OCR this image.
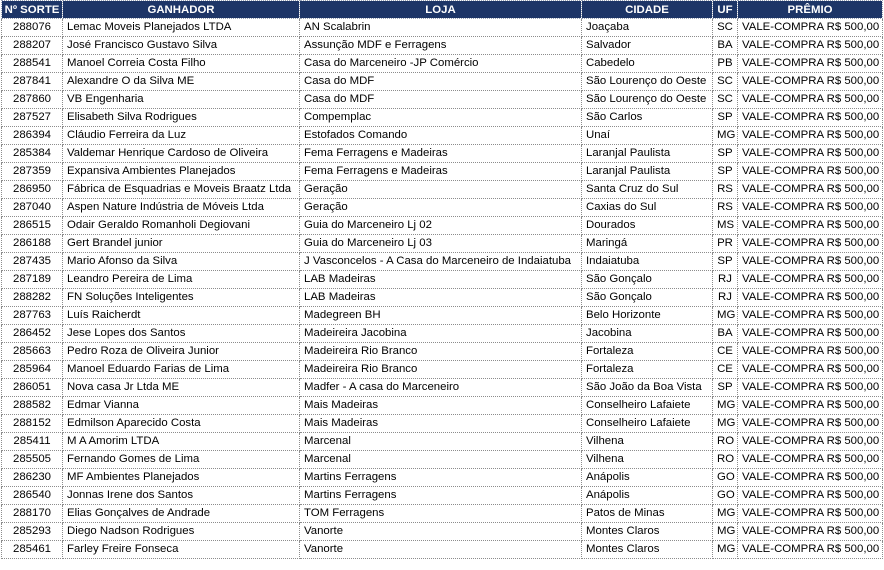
Nº SORTE	GANHADOR	LOJA	CIDADE	UF	PRÊMIO
288076	Lemac Moveis Planejados LTDA	AN Scalabrin	Joaçaba	SC	VALE-COMPRA R$ 500,00
288207	José Francisco Gustavo Silva	Assunção MDF e Ferragens	Salvador	BA	VALE-COMPRA R$ 500,00
288541	Manoel Correia Costa Filho	Casa do Marceneiro -JP Comércio	Cabedelo	PB	VALE-COMPRA R$ 500,00
287841	Alexandre O da Silva ME	Casa do MDF	São Lourenço do Oeste	SC	VALE-COMPRA R$ 500,00
287860	VB Engenharia	Casa do MDF	São Lourenço do Oeste	SC	VALE-COMPRA R$ 500,00
287527	Elisabeth Silva Rodrigues	Compemplac	São Carlos	SP	VALE-COMPRA R$ 500,00
286394	Cláudio Ferreira da Luz	Estofados Comando	Unaí	MG	VALE-COMPRA R$ 500,00
285384	Valdemar Henrique Cardoso de Oliveira	Fema Ferragens e Madeiras	Laranjal Paulista	SP	VALE-COMPRA R$ 500,00
287359	Expansiva Ambientes Planejados	Fema Ferragens e Madeiras	Laranjal Paulista	SP	VALE-COMPRA R$ 500,00
286950	Fábrica de Esquadrias e Moveis Braatz Ltda	Geração	Santa Cruz do Sul	RS	VALE-COMPRA R$ 500,00
287040	Aspen Nature Indústria de Móveis Ltda	Geração	Caxias do Sul	RS	VALE-COMPRA R$ 500,00
286515	Odair Geraldo Romanholi Degiovani	Guia do Marceneiro Lj 02	Dourados	MS	VALE-COMPRA R$ 500,00
286188	Gert Brandel junior	Guia do Marceneiro Lj 03	Maringá	PR	VALE-COMPRA R$ 500,00
287435	Mario Afonso da Silva	J Vasconcelos - A Casa do Marceneiro de Indaiatuba	Indaiatuba	SP	VALE-COMPRA R$ 500,00
287189	Leandro Pereira de Lima	LAB Madeiras	São Gonçalo	RJ	VALE-COMPRA R$ 500,00
288282	FN Soluções Inteligentes	LAB Madeiras	São Gonçalo	RJ	VALE-COMPRA R$ 500,00
287763	Luís Raicherdt	Madegreen BH	Belo Horizonte	MG	VALE-COMPRA R$ 500,00
286452	Jese Lopes dos Santos	Madeireira Jacobina	Jacobina	BA	VALE-COMPRA R$ 500,00
285663	Pedro Roza de Oliveira Junior	Madeireira Rio Branco	Fortaleza	CE	VALE-COMPRA R$ 500,00
285964	Manoel Eduardo Farias de Lima	Madeireira Rio Branco	Fortaleza	CE	VALE-COMPRA R$ 500,00
286051	Nova casa Jr Ltda ME	Madfer - A casa do Marceneiro	São João da Boa Vista	SP	VALE-COMPRA R$ 500,00
288582	Edmar Vianna	Mais Madeiras	Conselheiro Lafaiete	MG	VALE-COMPRA R$ 500,00
288152	Edmilson Aparecido Costa	Mais Madeiras	Conselheiro Lafaiete	MG	VALE-COMPRA R$ 500,00
285411	M A Amorim LTDA	Marcenal	Vilhena	RO	VALE-COMPRA R$ 500,00
285505	Fernando Gomes de Lima	Marcenal	Vilhena	RO	VALE-COMPRA R$ 500,00
286230	MF Ambientes Planejados	Martins Ferragens	Anápolis	GO	VALE-COMPRA R$ 500,00
286540	Jonnas Irene dos Santos	Martins Ferragens	Anápolis	GO	VALE-COMPRA R$ 500,00
288170	Elias Gonçalves de Andrade	TOM Ferragens	Patos de Minas	MG	VALE-COMPRA R$ 500,00
285293	Diego Nadson Rodrigues	Vanorte	Montes Claros	MG	VALE-COMPRA R$ 500,00
285461	Farley Freire Fonseca	Vanorte	Montes Claros	MG	VALE-COMPRA R$ 500,00
